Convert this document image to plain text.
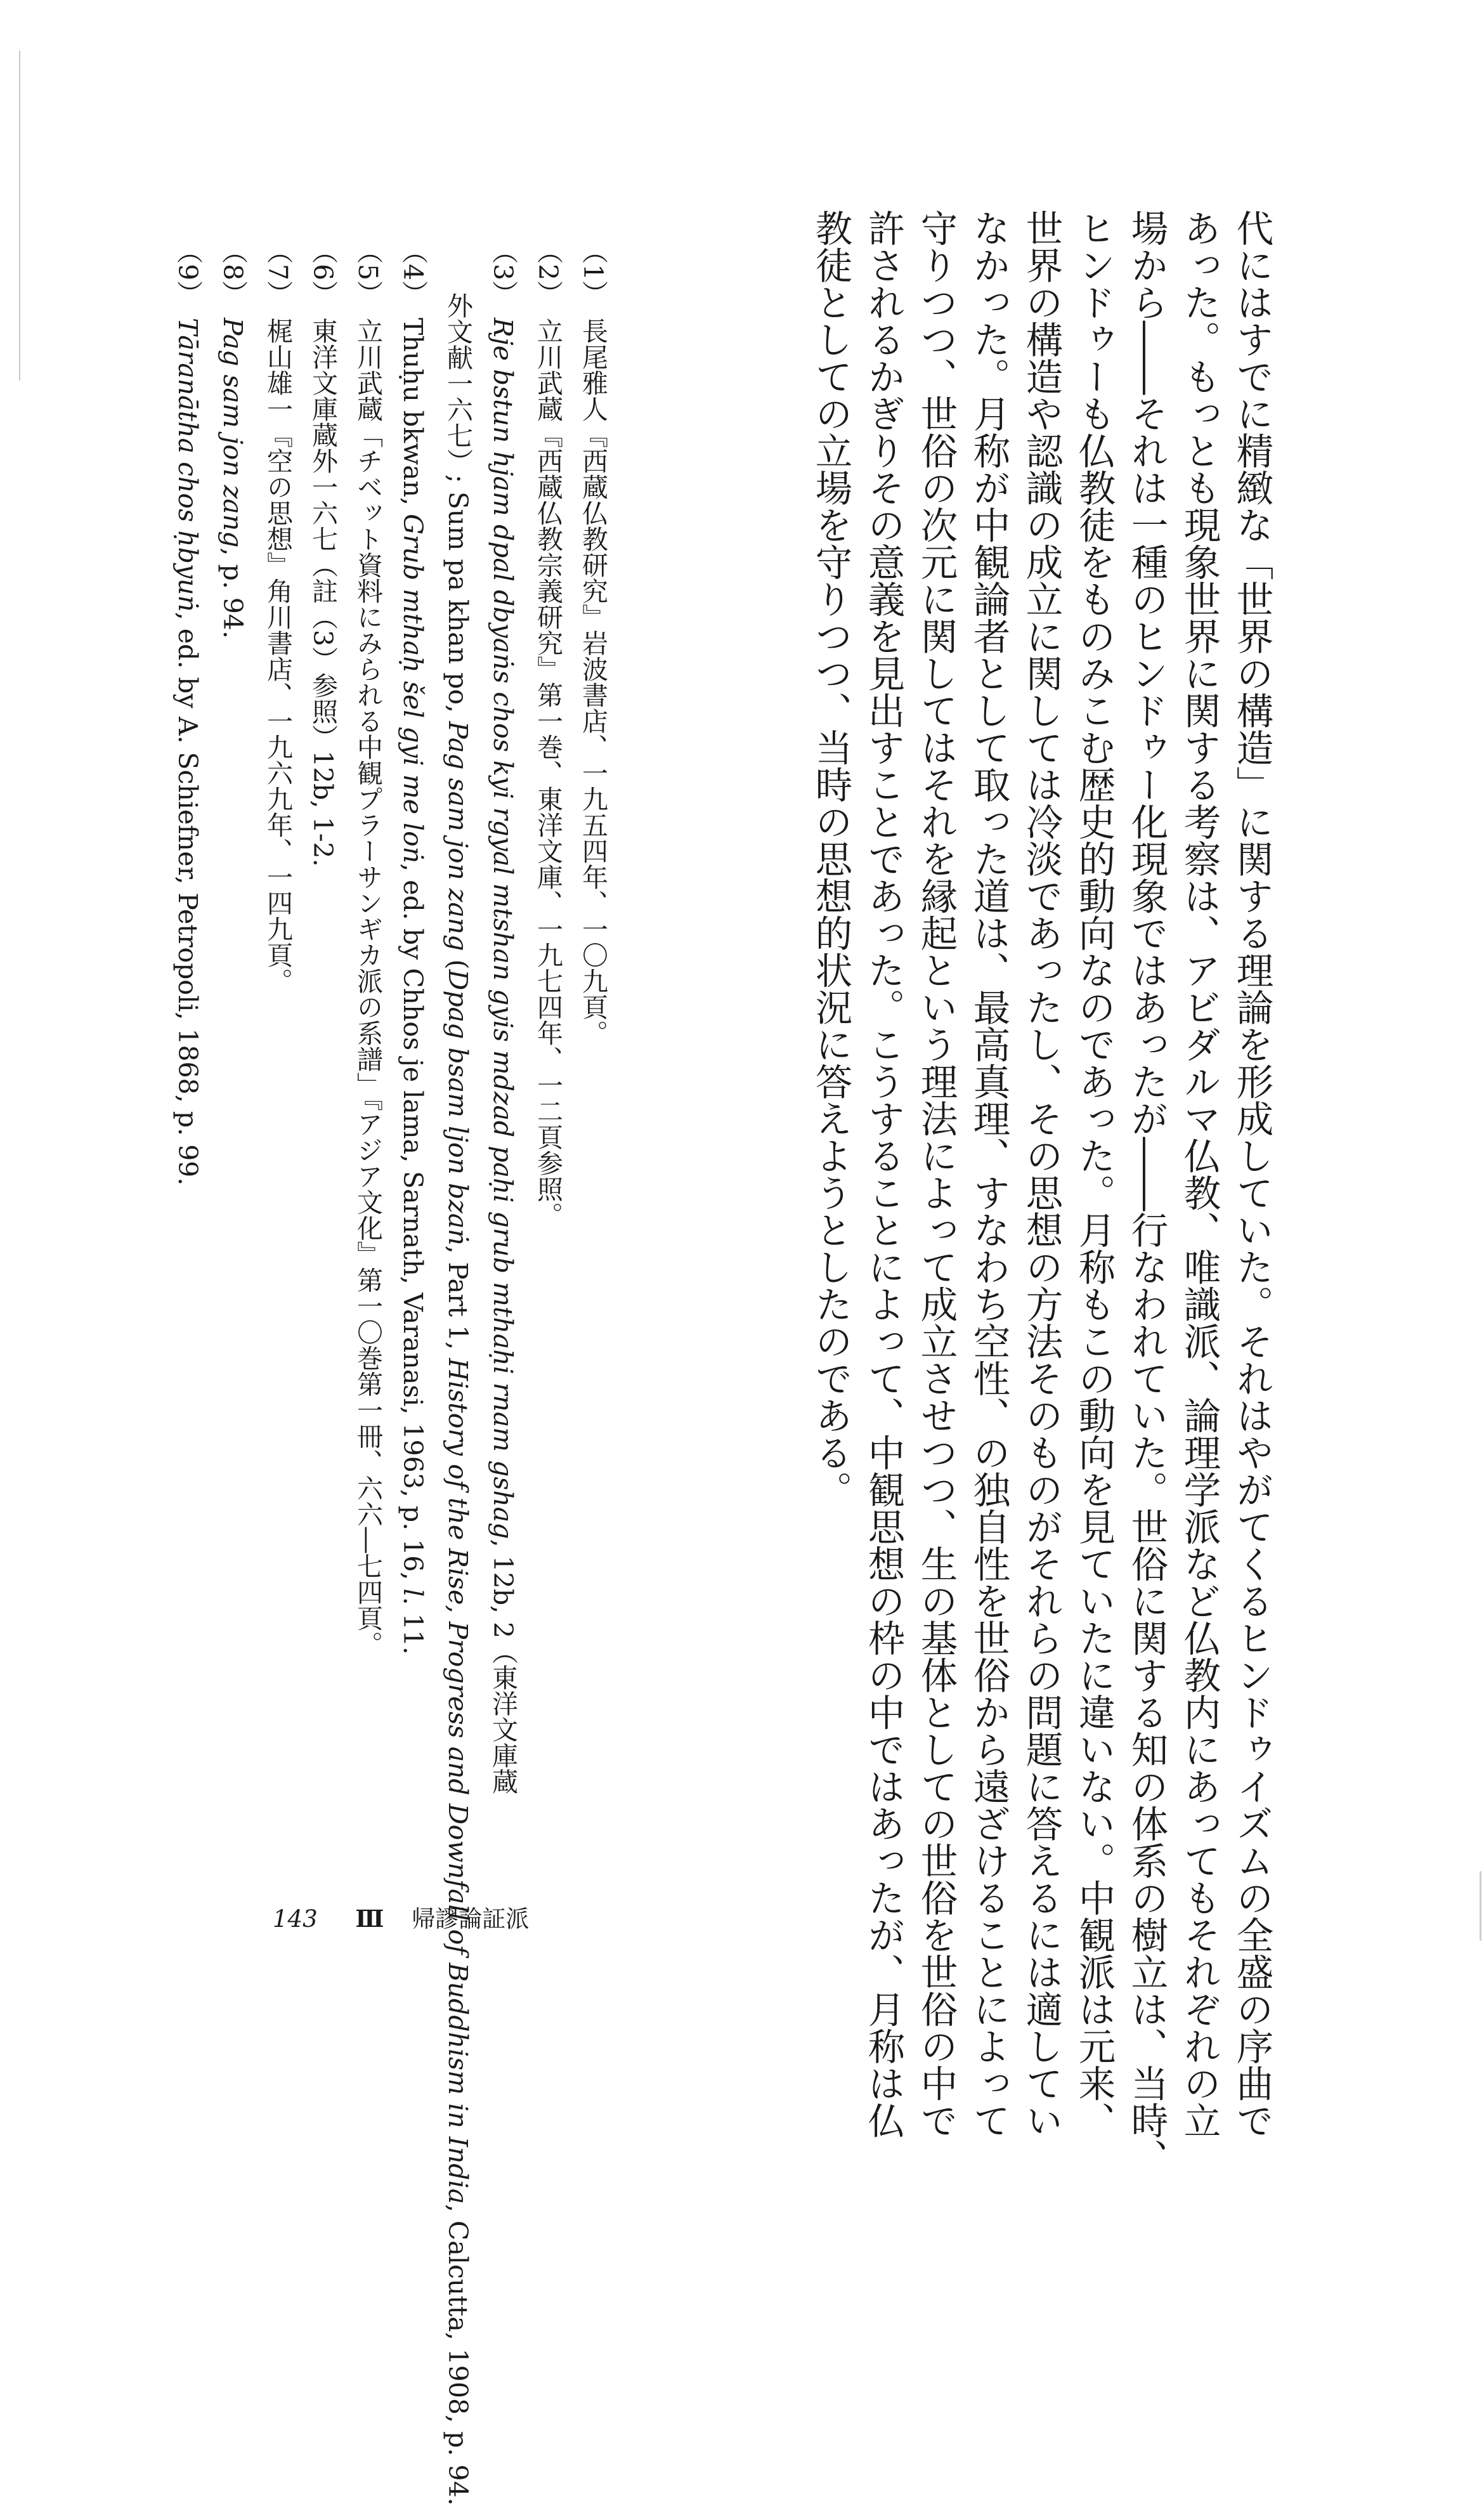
代にはすでに精緻な「世界の構造」に関する理論を形成していた。それはやがてくるヒンドゥイズムの全盛の序曲で
あった。もっとも現象世界に関する考察は、アビダルマ仏教、唯識派、論理学派など仏教内にあってもそれぞれの立
場から――それは一種のヒンドゥー化現象ではあったが――行なわれていた。世俗に関する知の体系の樹立は、当時、
ヒンドゥーも仏教徒をものみこむ歴史的動向なのであった。月称もこの動向を見ていたに違いない。中観派は元来、
世界の構造や認識の成立に関しては冷淡であったし、その思想の方法そのものがそれらの問題に答えるには適してい
なかった。月称が中観論者として取った道は、最高真理、すなわち空性、の独自性を世俗から遠ざけることによって
守りつつ、世俗の次元に関してはそれを縁起という理法によって成立させつつ、生の基体としての世俗を世俗の中で
許されるかぎりその意義を見出すことであった。こうすることによって、中観思想の枠の中ではあったが、月称は仏
教徒としての立場を守りつつ、当時の思想的状況に答えようとしたのである。
（1）長尾雅人『西蔵仏教研究』岩波書店、一九五四年、一〇九頁。
（2）立川武蔵『西蔵仏教宗義研究』第一巻、東洋文庫、一九七四年、一二頁参照。
（3）Rje bstun hjam dpal dbyaṅs chos kyi rgyal mtshan gyis mdzad paḥi grub mthaḥi rnam gshag, 12b, 2（東洋文庫蔵
外文献一六七）; Sum pa khan po, Pag sam jon zang (Dpag bsam ljon bzaṅ, Part 1, History of the Rise, Progress and Downfall of Buddhism in India, Calcutta, 1908, p. 94.
（4）Thuḥu bkwan, Grub mthaḥ šel gyi me loṅ, ed. by Chhos je lama, Sarnath, Varanasi, 1963, p. 16, l. 11.
（5）立川武蔵「チベット資料にみられる中観プラーサンギカ派の系譜」『アジア文化』第一〇巻第一冊、六六―七四頁。
（6）東洋文庫蔵外一六七（註（3）参照）12b, 1-2.
（7）梶山雄一『空の思想』角川書店、一九六九年、一四九頁。
（8）Pag sam jon zang, p. 94.
（9）Tāranātha chos ḥbyuṅ, ed. by A. Schiefner, Petropoli, 1868, p. 99.
143 Ⅲ 帰謬論証派
